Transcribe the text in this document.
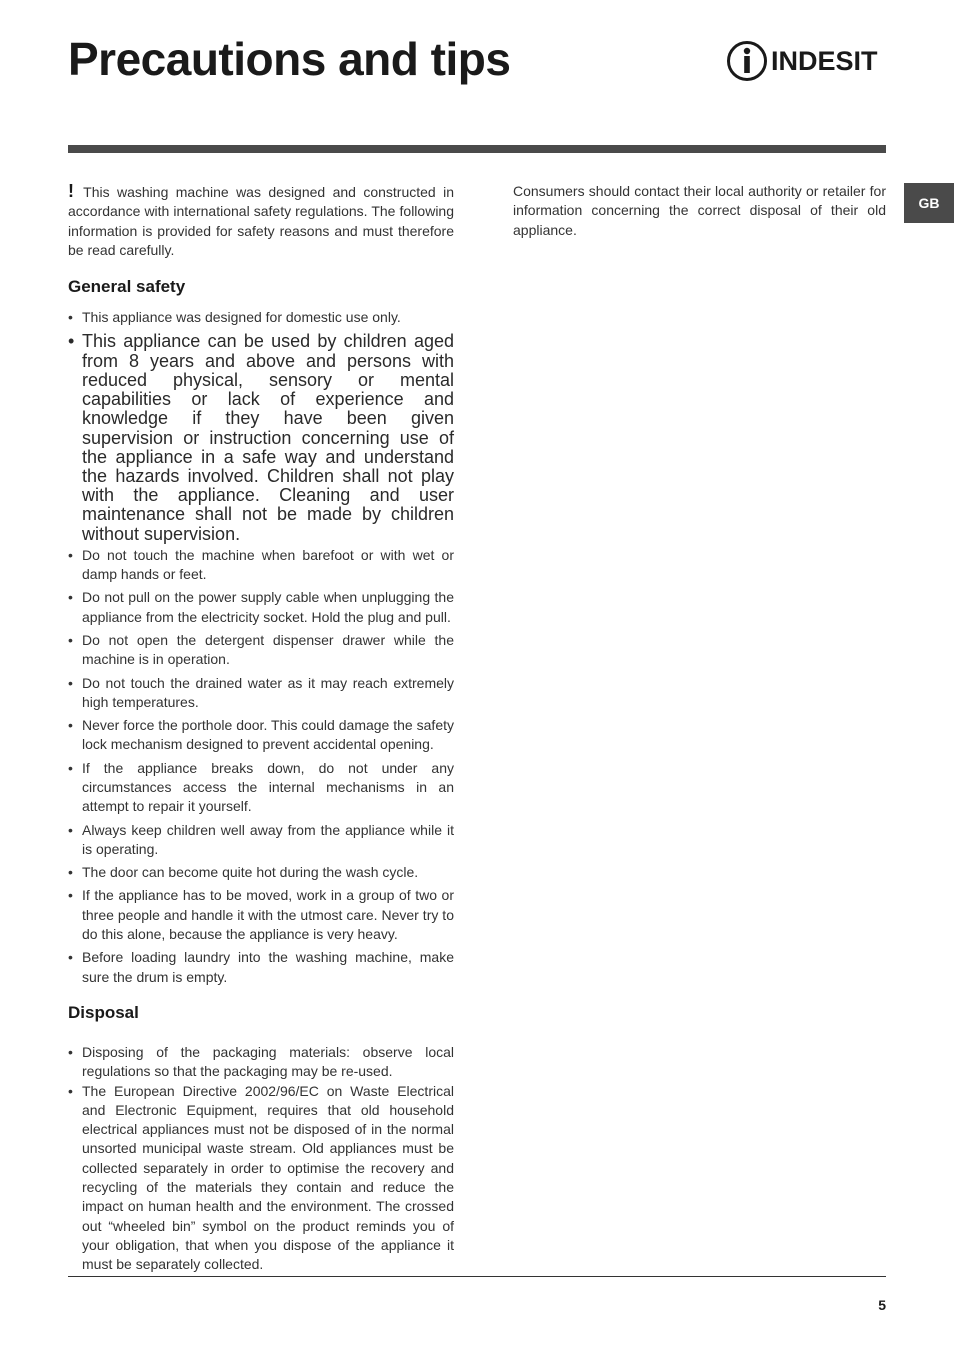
Precautions and tips	INDESIT
GB

! This washing machine was designed and constructed in accordance with international safety regulations. The following information is provided for safety reasons and must therefore be read carefully.

General safety
• This appliance was designed for domestic use only.
• This appliance can be used by children aged from 8 years and above and persons with reduced physical, sensory or mental capabilities or lack of experience and knowledge if they have been given supervision or instruction concerning use of the appliance in a safe way and understand the hazards involved. Children shall not play with the appliance. Cleaning and user maintenance shall not be made by children without supervision.
• Do not touch the machine when barefoot or with wet or damp hands or feet.
• Do not pull on the power supply cable when unplugging the appliance from the electricity socket. Hold the plug and pull.
• Do not open the detergent dispenser drawer while the machine is in operation.
• Do not touch the drained water as it may reach extremely high temperatures.
• Never force the porthole door. This could damage the safety lock mechanism designed to prevent accidental opening.
• If the appliance breaks down, do not under any circumstances access the internal mechanisms in an attempt to repair it yourself.
• Always keep children well away from the appliance while it is operating.
• The door can become quite hot during the wash cycle.
• If the appliance has to be moved, work in a group of two or three people and handle it with the utmost care. Never try to do this alone, because the appliance is very heavy.
• Before loading laundry into the washing machine, make sure the drum is empty.
Disposal
• Disposing of the packaging materials: observe local regulations so that the packaging may be re-used.
• The European Directive 2002/96/EC on Waste Electrical and Electronic Equipment, requires that old household electrical appliances must not be disposed of in the normal unsorted municipal waste stream. Old appliances must be collected separately in order to optimise the recovery and recycling of the materials they contain and reduce the impact on human health and the environment. The crossed out “wheeled bin” symbol on the product reminds you of your obligation, that when you dispose of the appliance it must be separately collected.

Consumers should contact their local authority or retailer for information concerning the correct disposal of their old appliance.

5
